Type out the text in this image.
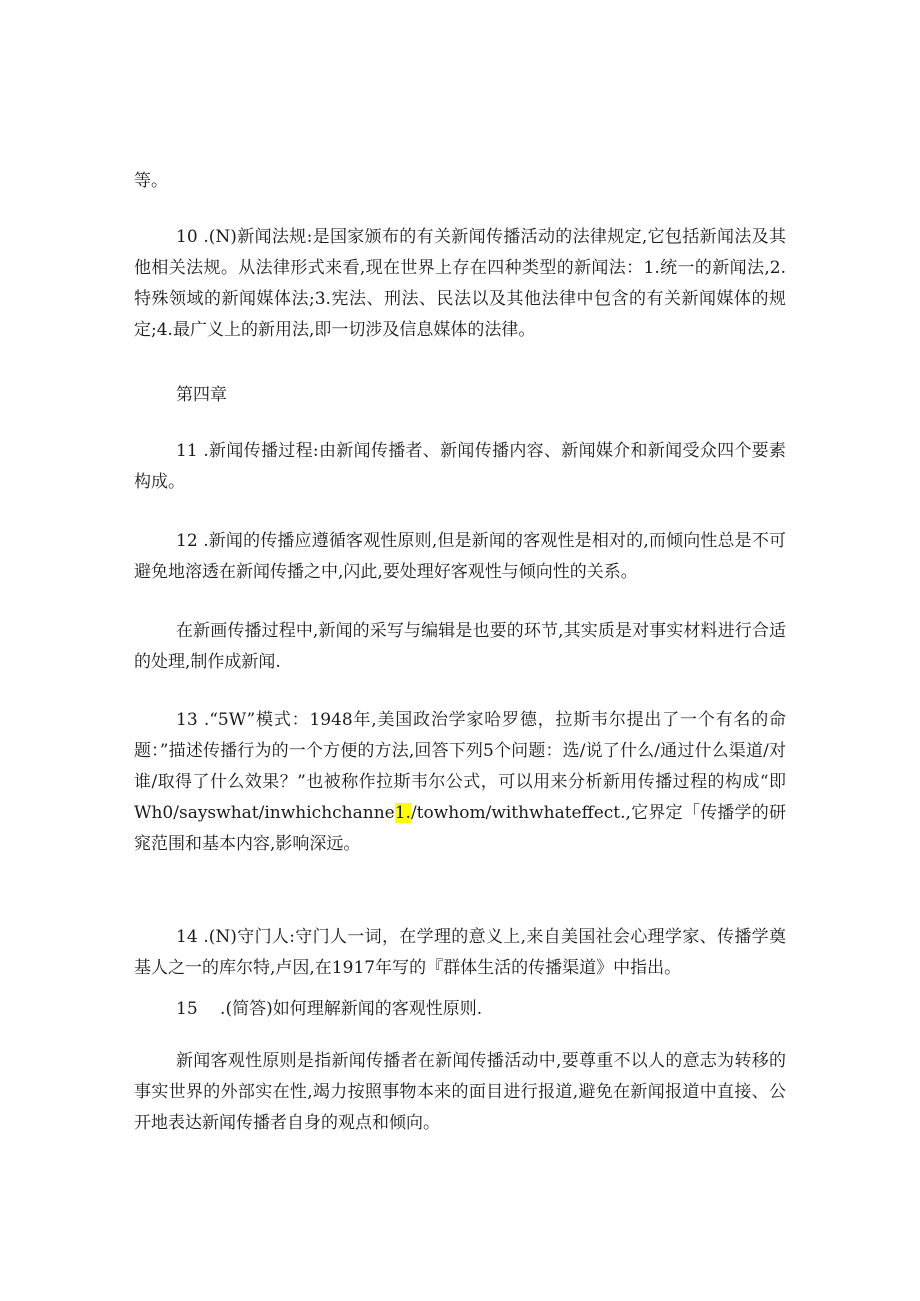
等。

10 .(N)新闻法规:是国家颁布的有关新闻传播活动的法律规定,它包括新闻法及其他相关法规。从法律形式来看,现在世界上存在四种类型的新闻法：1.统一的新闻法,2.特殊领域的新闻媒体法;3.宪法、刑法、民法以及其他法律中包含的有关新闻媒体的规定;4.最广义上的新用法,即一切涉及信息媒体的法律。

第四章

11 .新闻传播过程:由新闻传播者、新闻传播内容、新闻媒介和新闻受众四个要素构成。

12 .新闻的传播应遵循客观性原则,但是新闻的客观性是相对的,而倾向性总是不可避免地溶透在新闻传播之中,闪此,要处理好客观性与倾向性的关系。

在新画传播过程中,新闻的采写与编辑是也要的环节,其实质是对事实材料进行合适的处理,制作成新闻.

13 .“5W”模式：1948年,美国政治学家哈罗德，拉斯韦尔提出了一个有名的命题：”描述传播行为的一个方便的方法,回答下列5个问题：选/说了什么/通过什么渠道/对谁/取得了什么效果？”也被称作拉斯韦尔公式，可以用来分析新用传播过程的构成“即Wh0/sayswhat/inwhichchanne1./towhom/withwhateffect.,它界定「传播学的研窕范围和基本内容,影响深远。

14 .(N)守门人:守门人一词，在学理的意义上,来自美国社会心理学家、传播学奠基人之一的库尔特,卢因,在1917年写的『群体生活的传播渠道》中指出。

15　 .(简答)如何理解新闻的客观性原则.

新闻客观性原则是指新闻传播者在新闻传播活动中,要尊重不以人的意志为转移的事实世界的外部实在性,竭力按照事物本来的面目进行报道,避免在新闻报道中直接、公开地表达新闻传播者自身的观点和倾向。
